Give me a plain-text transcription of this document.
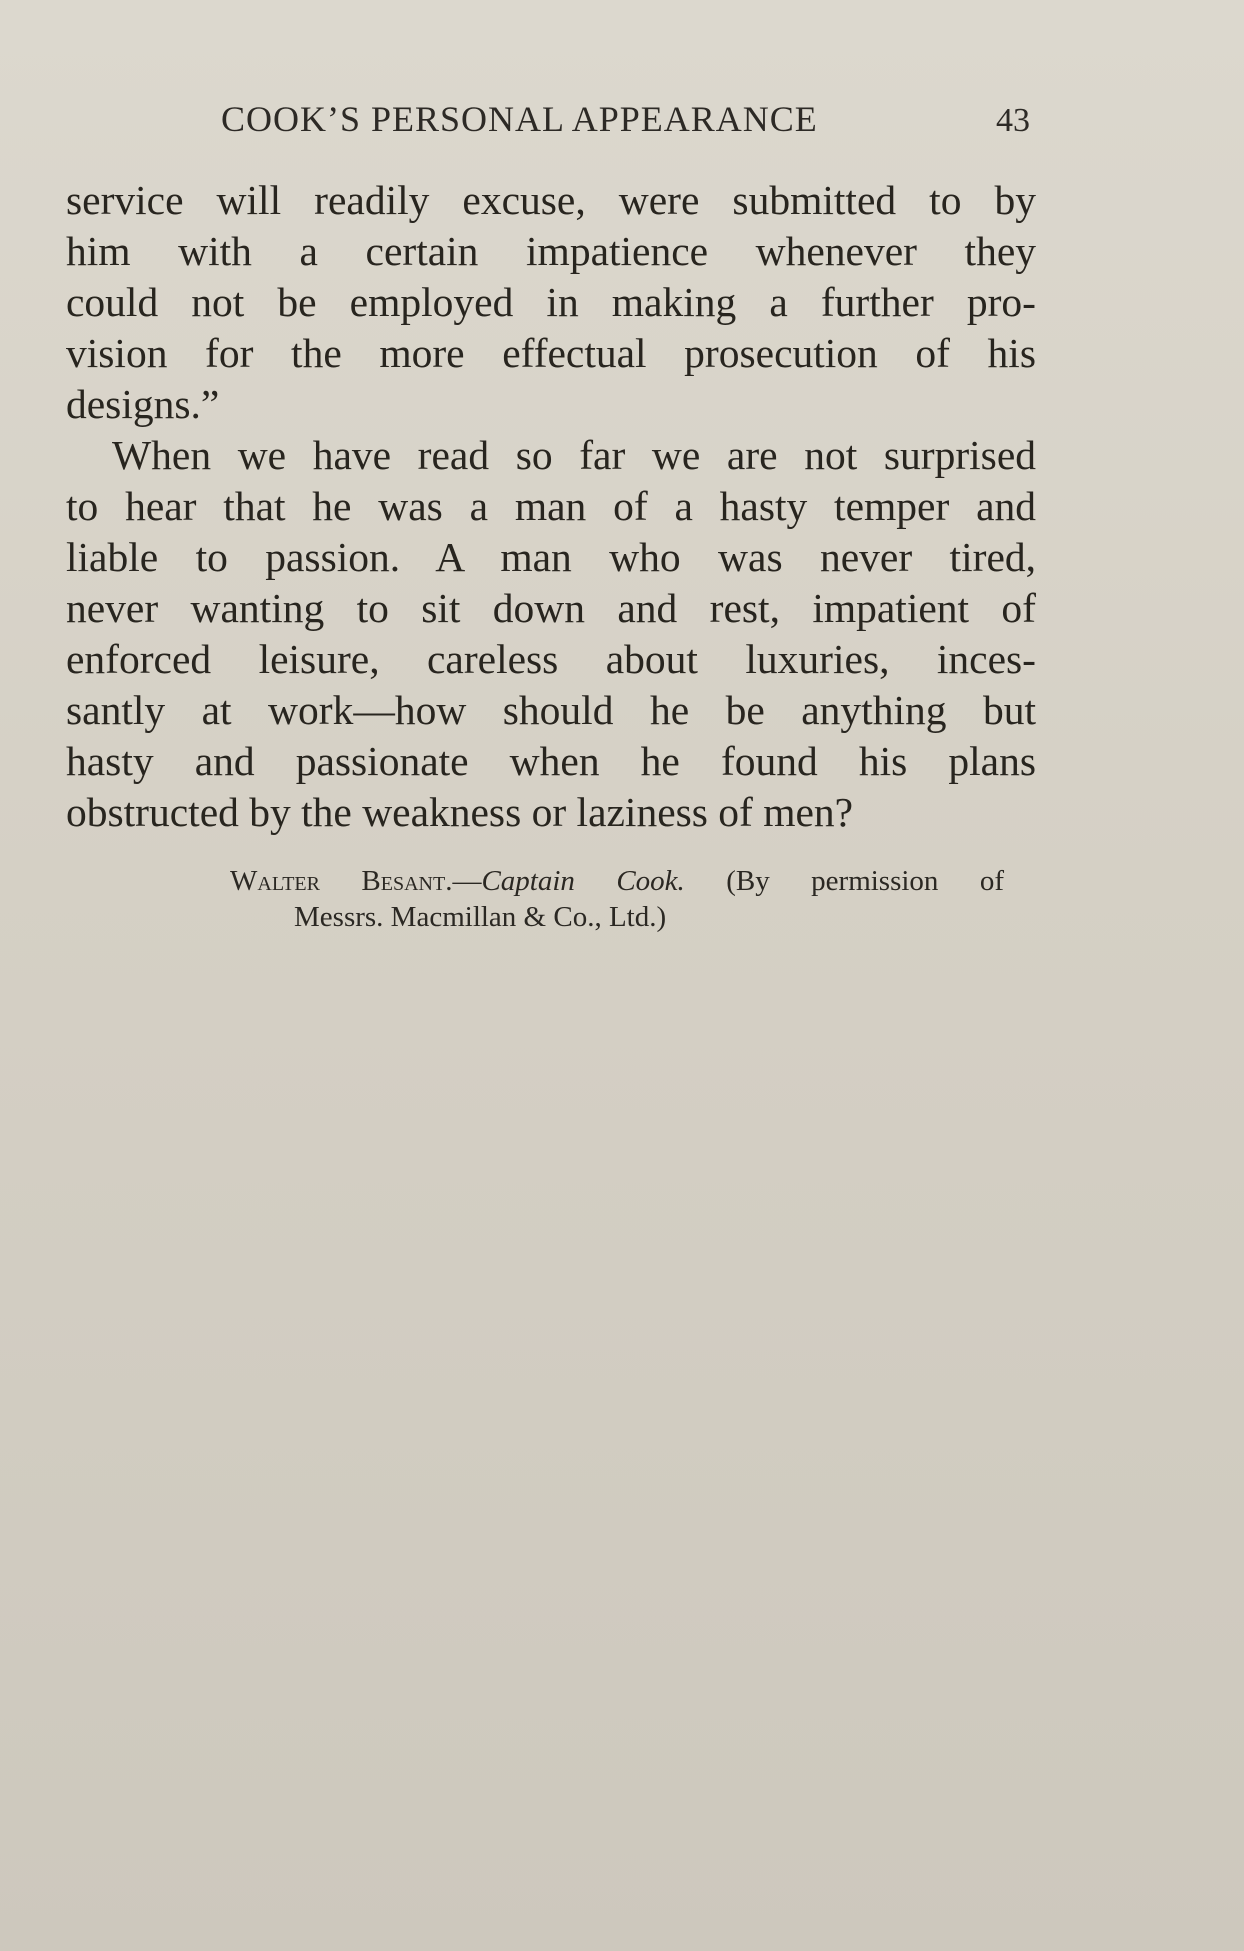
COOK’S PERSONAL APPEARANCE	43
service will readily excuse, were submitted to by
him with a certain impatience whenever they
could not be employed in making a further pro-
vision for the more effectual prosecution of his
designs.”
When we have read so far we are not surprised
to hear that he was a man of a hasty temper and
liable to passion. A man who was never tired,
never wanting to sit down and rest, impatient of
enforced leisure, careless about luxuries, inces-
santly at work—how should he be anything but
hasty and passionate when he found his plans
obstructed by the weakness or laziness of men?
Walter Besant.—Captain Cook. (By permission of
Messrs. Macmillan & Co., Ltd.)
